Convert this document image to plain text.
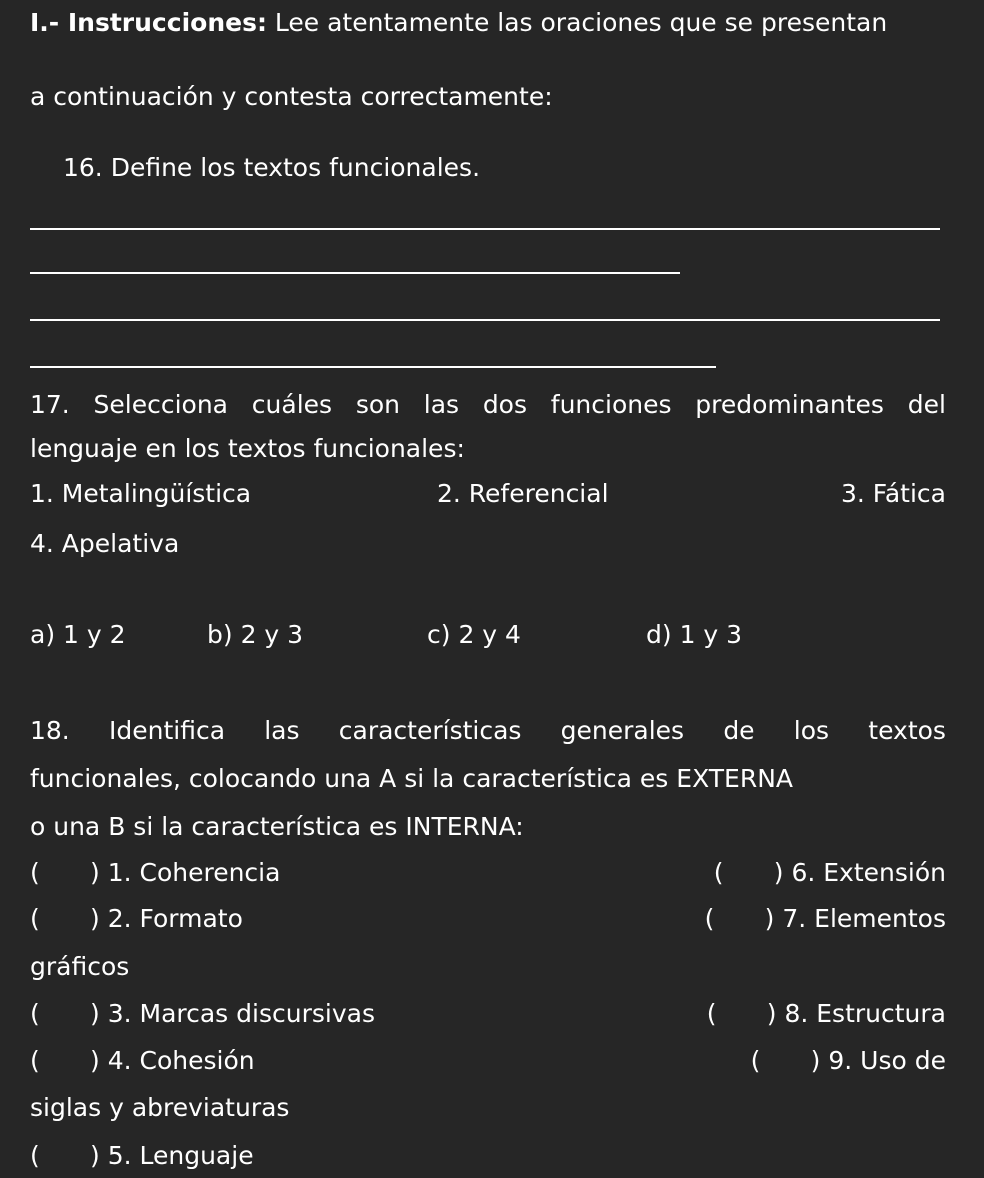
I.- Instrucciones: Lee atentamente las oraciones que se presentan
a continuación y contesta correctamente:
16. Define los textos funcionales.
17. Selecciona cuáles son las dos funciones predominantes del
lenguaje en los textos funcionales:
1. Metalingüística	2. Referencial	3. Fática
4. Apelativa
a) 1 y 2	b) 2 y 3	c) 2 y 4	d) 1 y 3
18. Identifica las características generales de los textos
funcionales, colocando una A si la característica es EXTERNA
o una B si la característica es INTERNA:
( ) 1. Coherencia
( ) 2. Formato
( ) 3. Marcas discursivas
( ) 4. Cohesión
( ) 5. Lenguaje
( ) 6. Extensión
( ) 7. Elementos
gráficos
( ) 8. Estructura
( ) 9. Uso de
siglas y abreviaturas
